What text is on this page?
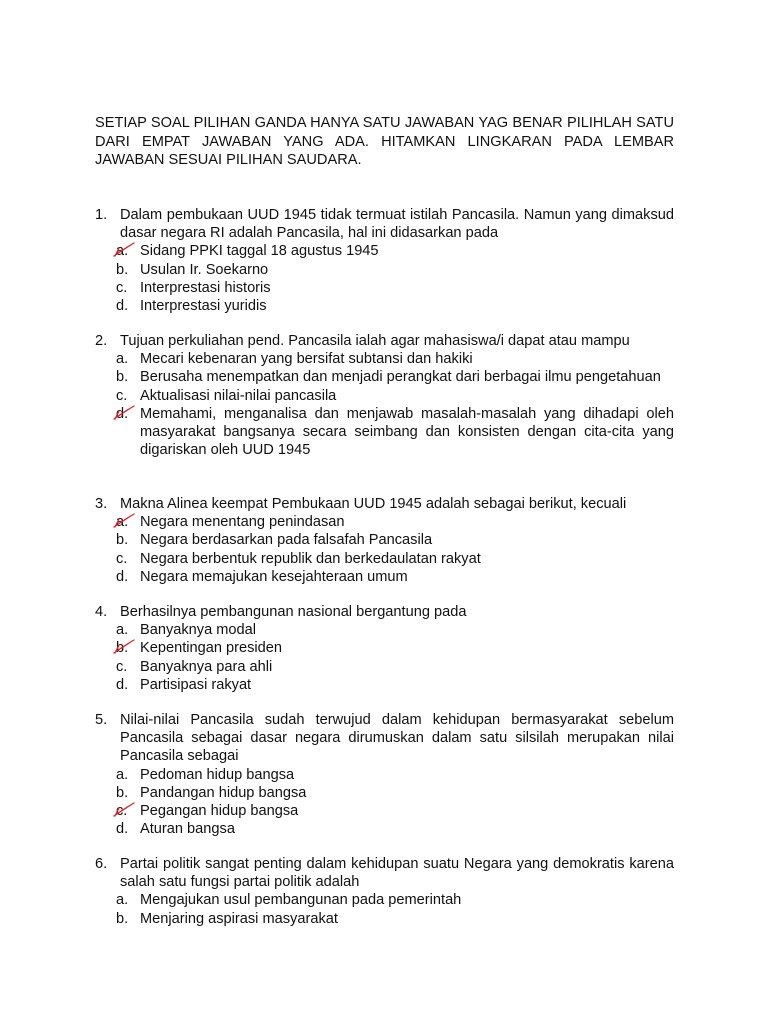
SETIAP SOAL PILIHAN GANDA HANYA SATU JAWABAN YAG BENAR PILIHLAH SATU DARI EMPAT JAWABAN YANG ADA. HITAMKAN LINGKARAN PADA LEMBAR JAWABAN SESUAI PILIHAN SAUDARA.
1. Dalam pembukaan UUD 1945 tidak termuat istilah Pancasila. Namun yang dimaksud dasar negara RI adalah Pancasila, hal ini didasarkan pada
a. Sidang PPKI taggal 18 agustus 1945
b. Usulan Ir. Soekarno
c. Interprestasi historis
d. Interprestasi yuridis
2. Tujuan perkuliahan pend. Pancasila ialah agar mahasiswa/i dapat atau mampu
a. Mecari kebenaran yang bersifat subtansi dan hakiki
b. Berusaha menempatkan dan menjadi perangkat dari berbagai ilmu pengetahuan
c. Aktualisasi nilai-nilai pancasila
d. Memahami, menganalisa dan menjawab masalah-masalah yang dihadapi oleh masyarakat bangsanya secara seimbang dan konsisten dengan cita-cita yang digariskan oleh UUD 1945
3. Makna Alinea keempat Pembukaan UUD 1945 adalah sebagai berikut, kecuali
a. Negara menentang penindasan
b. Negara berdasarkan pada falsafah Pancasila
c. Negara berbentuk republik dan berkedaulatan rakyat
d. Negara memajukan kesejahteraan umum
4. Berhasilnya pembangunan nasional bergantung pada
a. Banyaknya modal
b. Kepentingan presiden
c. Banyaknya para ahli
d. Partisipasi rakyat
5. Nilai-nilai Pancasila sudah terwujud dalam kehidupan bermasyarakat sebelum Pancasila sebagai dasar negara dirumuskan dalam satu silsilah merupakan nilai Pancasila sebagai
a. Pedoman hidup bangsa
b. Pandangan hidup bangsa
c. Pegangan hidup bangsa
d. Aturan bangsa
6. Partai politik sangat penting dalam kehidupan suatu Negara yang demokratis karena salah satu fungsi partai politik adalah
a. Mengajukan usul pembangunan pada pemerintah
b. Menjaring aspirasi masyarakat
